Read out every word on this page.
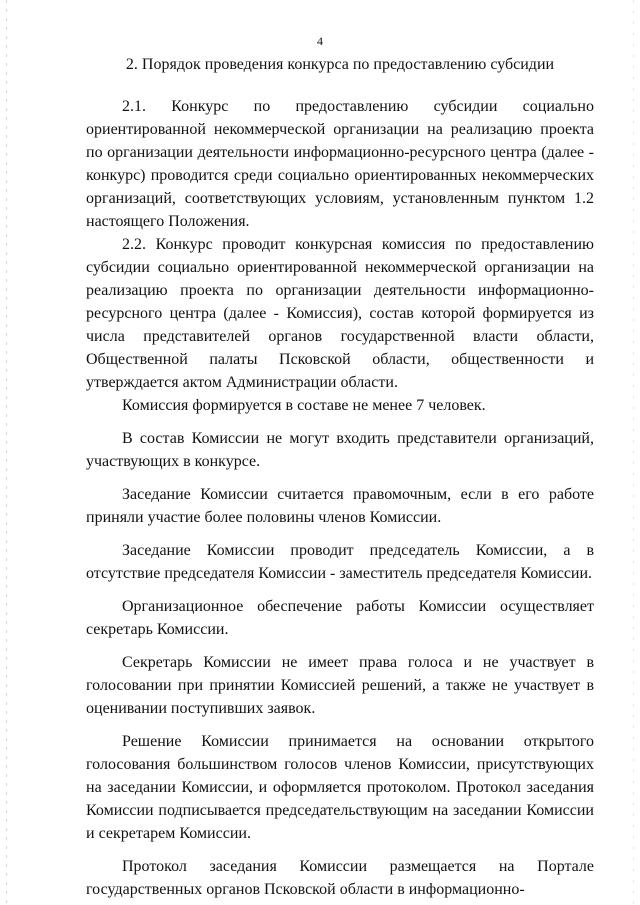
4
2. Порядок проведения конкурса по предоставлению субсидии

2.1. Конкурс по предоставлению субсидии социально ориентированной некоммерческой организации на реализацию проекта по организации деятельности информационно-ресурсного центра (далее - конкурс) проводится среди социально ориентированных некоммерческих организаций, соответствующих условиям, установленным пунктом 1.2 настоящего Положения.

2.2. Конкурс проводит конкурсная комиссия по предоставлению субсидии социально ориентированной некоммерческой организации на реализацию проекта по организации деятельности информационно-ресурсного центра (далее - Комиссия), состав которой формируется из числа представителей органов государственной власти области, Общественной палаты Псковской области, общественности и утверждается актом Администрации области.

Комиссия формируется в составе не менее 7 человек.

В состав Комиссии не могут входить представители организаций, участвующих в конкурсе.

Заседание Комиссии считается правомочным, если в его работе приняли участие более половины членов Комиссии.

Заседание Комиссии проводит председатель Комиссии, а в отсутствие председателя Комиссии - заместитель председателя Комиссии.

Организационное обеспечение работы Комиссии осуществляет секретарь Комиссии.

Секретарь Комиссии не имеет права голоса и не участвует в голосовании при принятии Комиссией решений, а также не участвует в оценивании поступивших заявок.

Решение Комиссии принимается на основании открытого голосования большинством голосов членов Комиссии, присутствующих на заседании Комиссии, и оформляется протоколом. Протокол заседания Комиссии подписывается председательствующим на заседании Комиссии и секретарем Комиссии.

Протокол заседания Комиссии размещается на Портале государственных органов Псковской области в информационно-
